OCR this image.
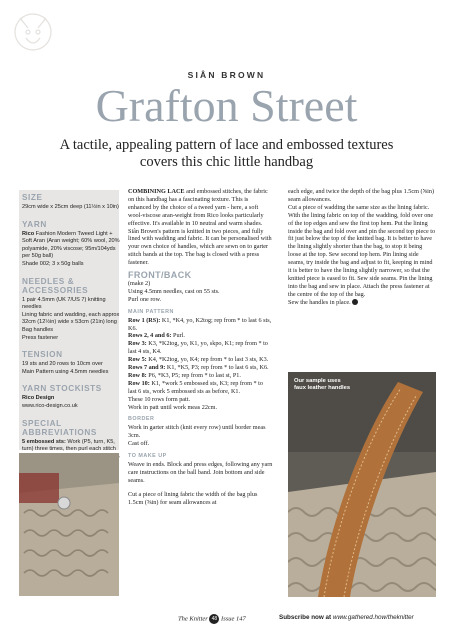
SIÂN BROWN
Grafton Street
A tactile, appealing pattern of lace and embossed textures covers this chic little handbag
SIZE

29cm wide x 25cm deep (11½in x 10in)

YARN

Rico Fashion Modern Tweed Light + Soft Aran (Aran weight; 60% wool, 20% polyamide, 20% viscose; 95m/104yds per 50g ball)

Shade 002; 3 x 50g balls

NEEDLES & ACCESSORIES

1 pair 4.5mm (UK 7/US 7) knitting needles

Lining fabric and wadding, each approx 32cm (12½in) wide x 53cm (21in) long

Bag handles

Press fastener

TENSION

19 sts and 20 rows to 10cm over

Main Pattern using 4.5mm needles

YARN STOCKISTS

Rico Design

www.rico-design.co.uk

SPECIAL ABBREVIATIONS

5 embossed sts: Work (P5, turn, K5, turn) three times, then purl each stitch

COMBINING LACE and embossed stitches, the fabric on this handbag has a fascinating texture. This is enhanced by the choice of a tweed yarn - here, a soft wool-viscose aran-weight from Rico looks particularly effective. It's available in 10 neutral and warm shades. Siân Brown's pattern is knitted in two pieces, and fully lined with wadding and fabric. It can be personalised with your own choice of handles, which are sewn on to garter stitch bands at the top. The bag is closed with a press fastener.

FRONT/BACK

(make 2)

Using 4.5mm needles, cast on 55 sts.

Purl one row.

MAIN PATTERN

Row 1 (RS): K1, *K4, yo, K2tog; rep from * to last 6 sts, K6.

Rows 2, 4 and 6: Purl.

Row 3: K3, *K2tog, yo, K1, yo, skpo, K1; rep from * to last 4 sts, K4.

Row 5: K4, *K2tog, yo, K4; rep from * to last 3 sts, K3.

Rows 7 and 9: K1, *K5, P3; rep from * to last 6 sts, K6.

Row 8: P6, *K3, P5; rep from * to last st, P1.

Row 10: K1, *work 5 embossed sts, K3; rep from * to last 6 sts, work 5 embossed sts as before, K1.

These 10 rows form patt.

Work in patt until work meas 22cm.

BORDER

Work in garter stitch (knit every row) until border meas 3cm.

Cast off.

TO MAKE UP

Weave in ends. Block and press edges, following any yarn care instructions on the ball band. Join bottom and side seams.

Cut a piece of lining fabric the width of the bag plus 1.5cm (⅝in) for seam allowances at

each edge, and twice the depth of the bag plus 1.5cm (⅝in) seam allowances.

Cut a piece of wadding the same size as the lining fabric.

With the lining fabric on top of the wadding, fold over one of the top edges and sew the first top hem. Put the lining inside the bag and fold over and pin the second top piece to fit just below the top of the knitted bag. It is better to have the lining slightly shorter than the bag, to stop it being loose at the top. Sew second top hem. Pin lining side seams, try inside the bag and adjust to fit, keeping in mind it is better to have the lining slightly narrower, so that the knitted piece is eased to fit. Sew side seams. Pin the lining into the bag and sew in place. Attach the press fastener at the centre of the top of the bag.

Sew the handles in place.

Our sample uses faux leather handles
The Knitter 48 Issue 147	Subscribe now at www.gathered.how/theknitter
